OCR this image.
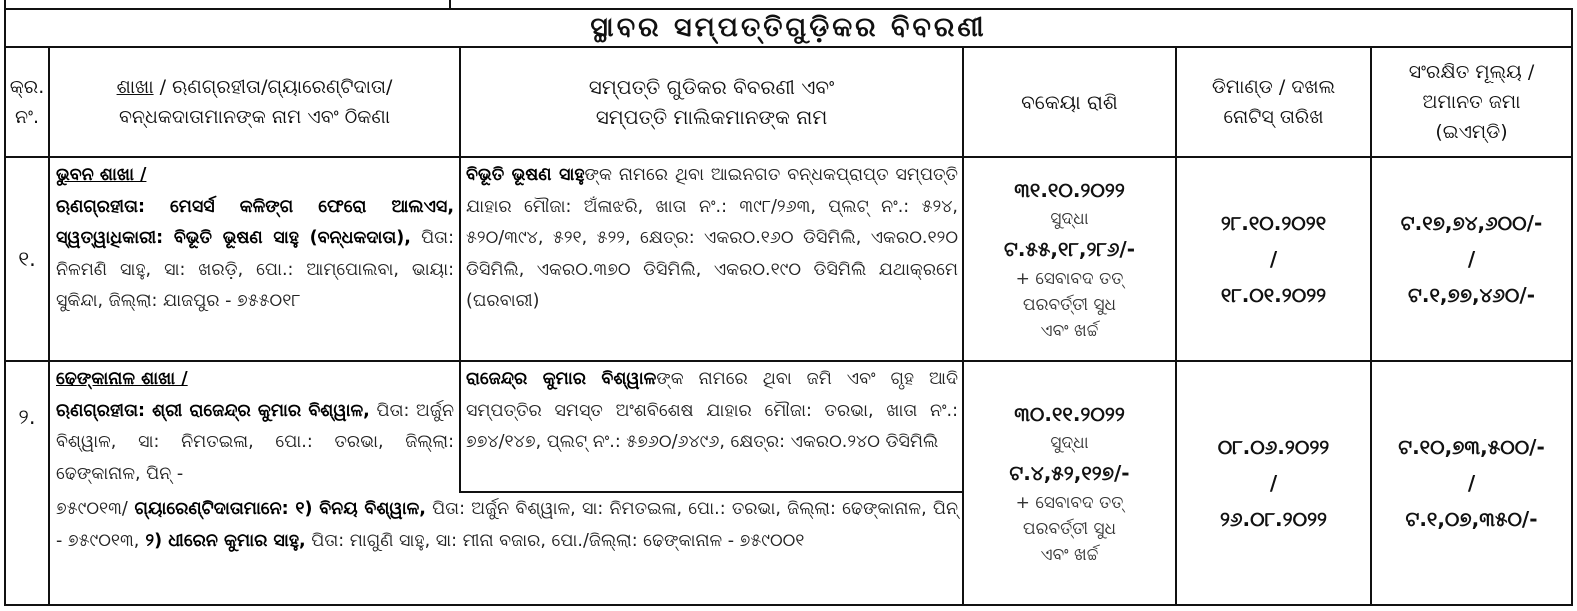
ସ୍ଥାବର ସମ୍ପତ୍ତିଗୁଡ଼ିକର ବିବରଣୀ
କ୍ର.
ନଂ.
ଶାଖା / ଋଣଗ୍ରହୀତା/ଗ୍ୟାରେଣ୍ଟିଦାତା/
ବନ୍ଧକଦାତାମାନଙ୍କ ନାମ ଏବଂ ଠିକଣା
ସମ୍ପତ୍ତି ଗୁଡିକର ବିବରଣୀ ଏବଂ
ସମ୍ପତ୍ତି ମାଲିକମାନଙ୍କ ନାମ
ବକେୟା ରାଶି
ଡିମାଣ୍ଡ / ଦଖଲ
ନୋଟିସ୍ ତାରିଖ
ସଂରକ୍ଷିତ ମୂଲ୍ୟ /
ଅମାନତ ଜମା
(ଇଏମ୍‌ଡି)
୧.
ଭୁବନ ଶାଖା /
ଋଣଗ୍ରହୀତା: ମେସର୍ସ କଳିଙ୍ଗ ଫେରୋ ଆଲଏସ, ସ୍ୱତ୍ୱାଧିକାରୀ: ବିଭୂତି ଭୂଷଣ ସାହୁ (ବନ୍ଧକଦାତା), ପିତା: ନିଳମଣି ସାହୁ, ସା: ଖରଡ଼ି, ପୋ.: ଆମ୍ପୋଲବା, ଭାୟା: ସୁକିନ୍ଦା, ଜିଲ୍ଲା: ଯାଜପୁର - ୭୫୫୦୧୮
ବିଭୂତି ଭୂଷଣ ସାହୁଙ୍କ ନାମରେ ଥିବା ଆଇନଗତ ବନ୍ଧକପ୍ରାପ୍ତ ସମ୍ପତ୍ତି ଯାହାର ମୌଜା: ଅଁଳାଝରି, ଖାତା ନଂ.: ୩୯୮/୨୬୩, ପ୍ଲଟ୍ ନଂ.: ୫୨୪, ୫୨୦/୩୯୪, ୫୨୧, ୫୨୨, କ୍ଷେତ୍ର: ଏକର୦.୧୬୦ ଡିସିମିଲି, ଏକର୦.୧୨୦ ଡିସିମିଲି, ଏକର୦.୩୭୦ ଡିସିମିଲି, ଏକର୦.୧୯୦ ଡିସିମିଲି ଯଥାକ୍ରମେ (ଘରବାରୀ)
୩୧.୧୦.୨୦୨୨
ସୁଦ୍ଧା
ଟ.୫୫,୧୮,୨୮୬/-
+ ସେବାବଦ ତତ୍
ପରବର୍ତ୍ତୀ ସୁଧ
ଏବଂ ଖର୍ଚ୍ଚ
୨୮.୧୦.୨୦୨୧
/
୧୮.୦୧.୨୦୨୨
ଟ.୧୭,୭୪,୬୦୦/-
/
ଟ.୧,୭୭,୪୬୦/-
୨.
ଢେଙ୍କାନାଳ ଶାଖା /
ଋଣଗ୍ରହୀତା: ଶ୍ରୀ ରାଜେନ୍ଦ୍ର କୁମାର ବିଶ୍ୱାଳ, ପିତା: ଅର୍ଜୁନ ବିଶ୍ୱାଳ, ସା: ନିମତଇଳା, ପୋ.: ତରଭା, ଜିଲ୍ଲା: ଢେଙ୍କାନାଳ, ପିନ୍ -
ରାଜେନ୍ଦ୍ର କୁମାର ବିଶ୍ୱାଳଙ୍କ ନାମରେ ଥିବା ଜମି ଏବଂ ଗୃହ ଆଦି ସମ୍ପତ୍ତିର ସମସ୍ତ ଅଂଶବିଶେଷ ଯାହାର ମୌଜା: ତରଭା, ଖାତା ନଂ.: ୭୭୪/୧୪୭, ପ୍ଲଟ୍ ନଂ.: ୫୭୬୦/୬୪୯୬, କ୍ଷେତ୍ର: ଏକର୦.୨୪୦ ଡିସିମିଲି
୭୫୯୦୧୩/ ଗ୍ୟାରେଣ୍ଟିଦାତାମାନେ: ୧) ବିନୟ ବିଶ୍ୱାଳ, ପିତା: ଅର୍ଜୁନ ବିଶ୍ୱାଳ, ସା: ନିମତଇଳା, ପୋ.: ତରଭା, ଜିଲ୍ଲା: ଢେଙ୍କାନାଳ, ପିନ୍ - ୭୫୯୦୧୩, ୨) ଧୀରେନ କୁମାର ସାହୁ, ପିତା: ମାଗୁଣି ସାହୁ, ସା: ମୀନା ବଜାର, ପୋ./ଜିଲ୍ଲା: ଢେଙ୍କାନାଳ - ୭୫୯୦୦୧
୩୦.୧୧.୨୦୨୨
ସୁଦ୍ଧା
ଟ.୪,୫୨,୧୨୭/-
+ ସେବାବଦ ତତ୍
ପରବର୍ତ୍ତୀ ସୁଧ
ଏବଂ ଖର୍ଚ୍ଚ
୦୮.୦୬.୨୦୨୨
/
୨୬.୦୮.୨୦୨୨
ଟ.୧୦,୭୩,୫୦୦/-
/
ଟ.୧,୦୭,୩୫୦/-
